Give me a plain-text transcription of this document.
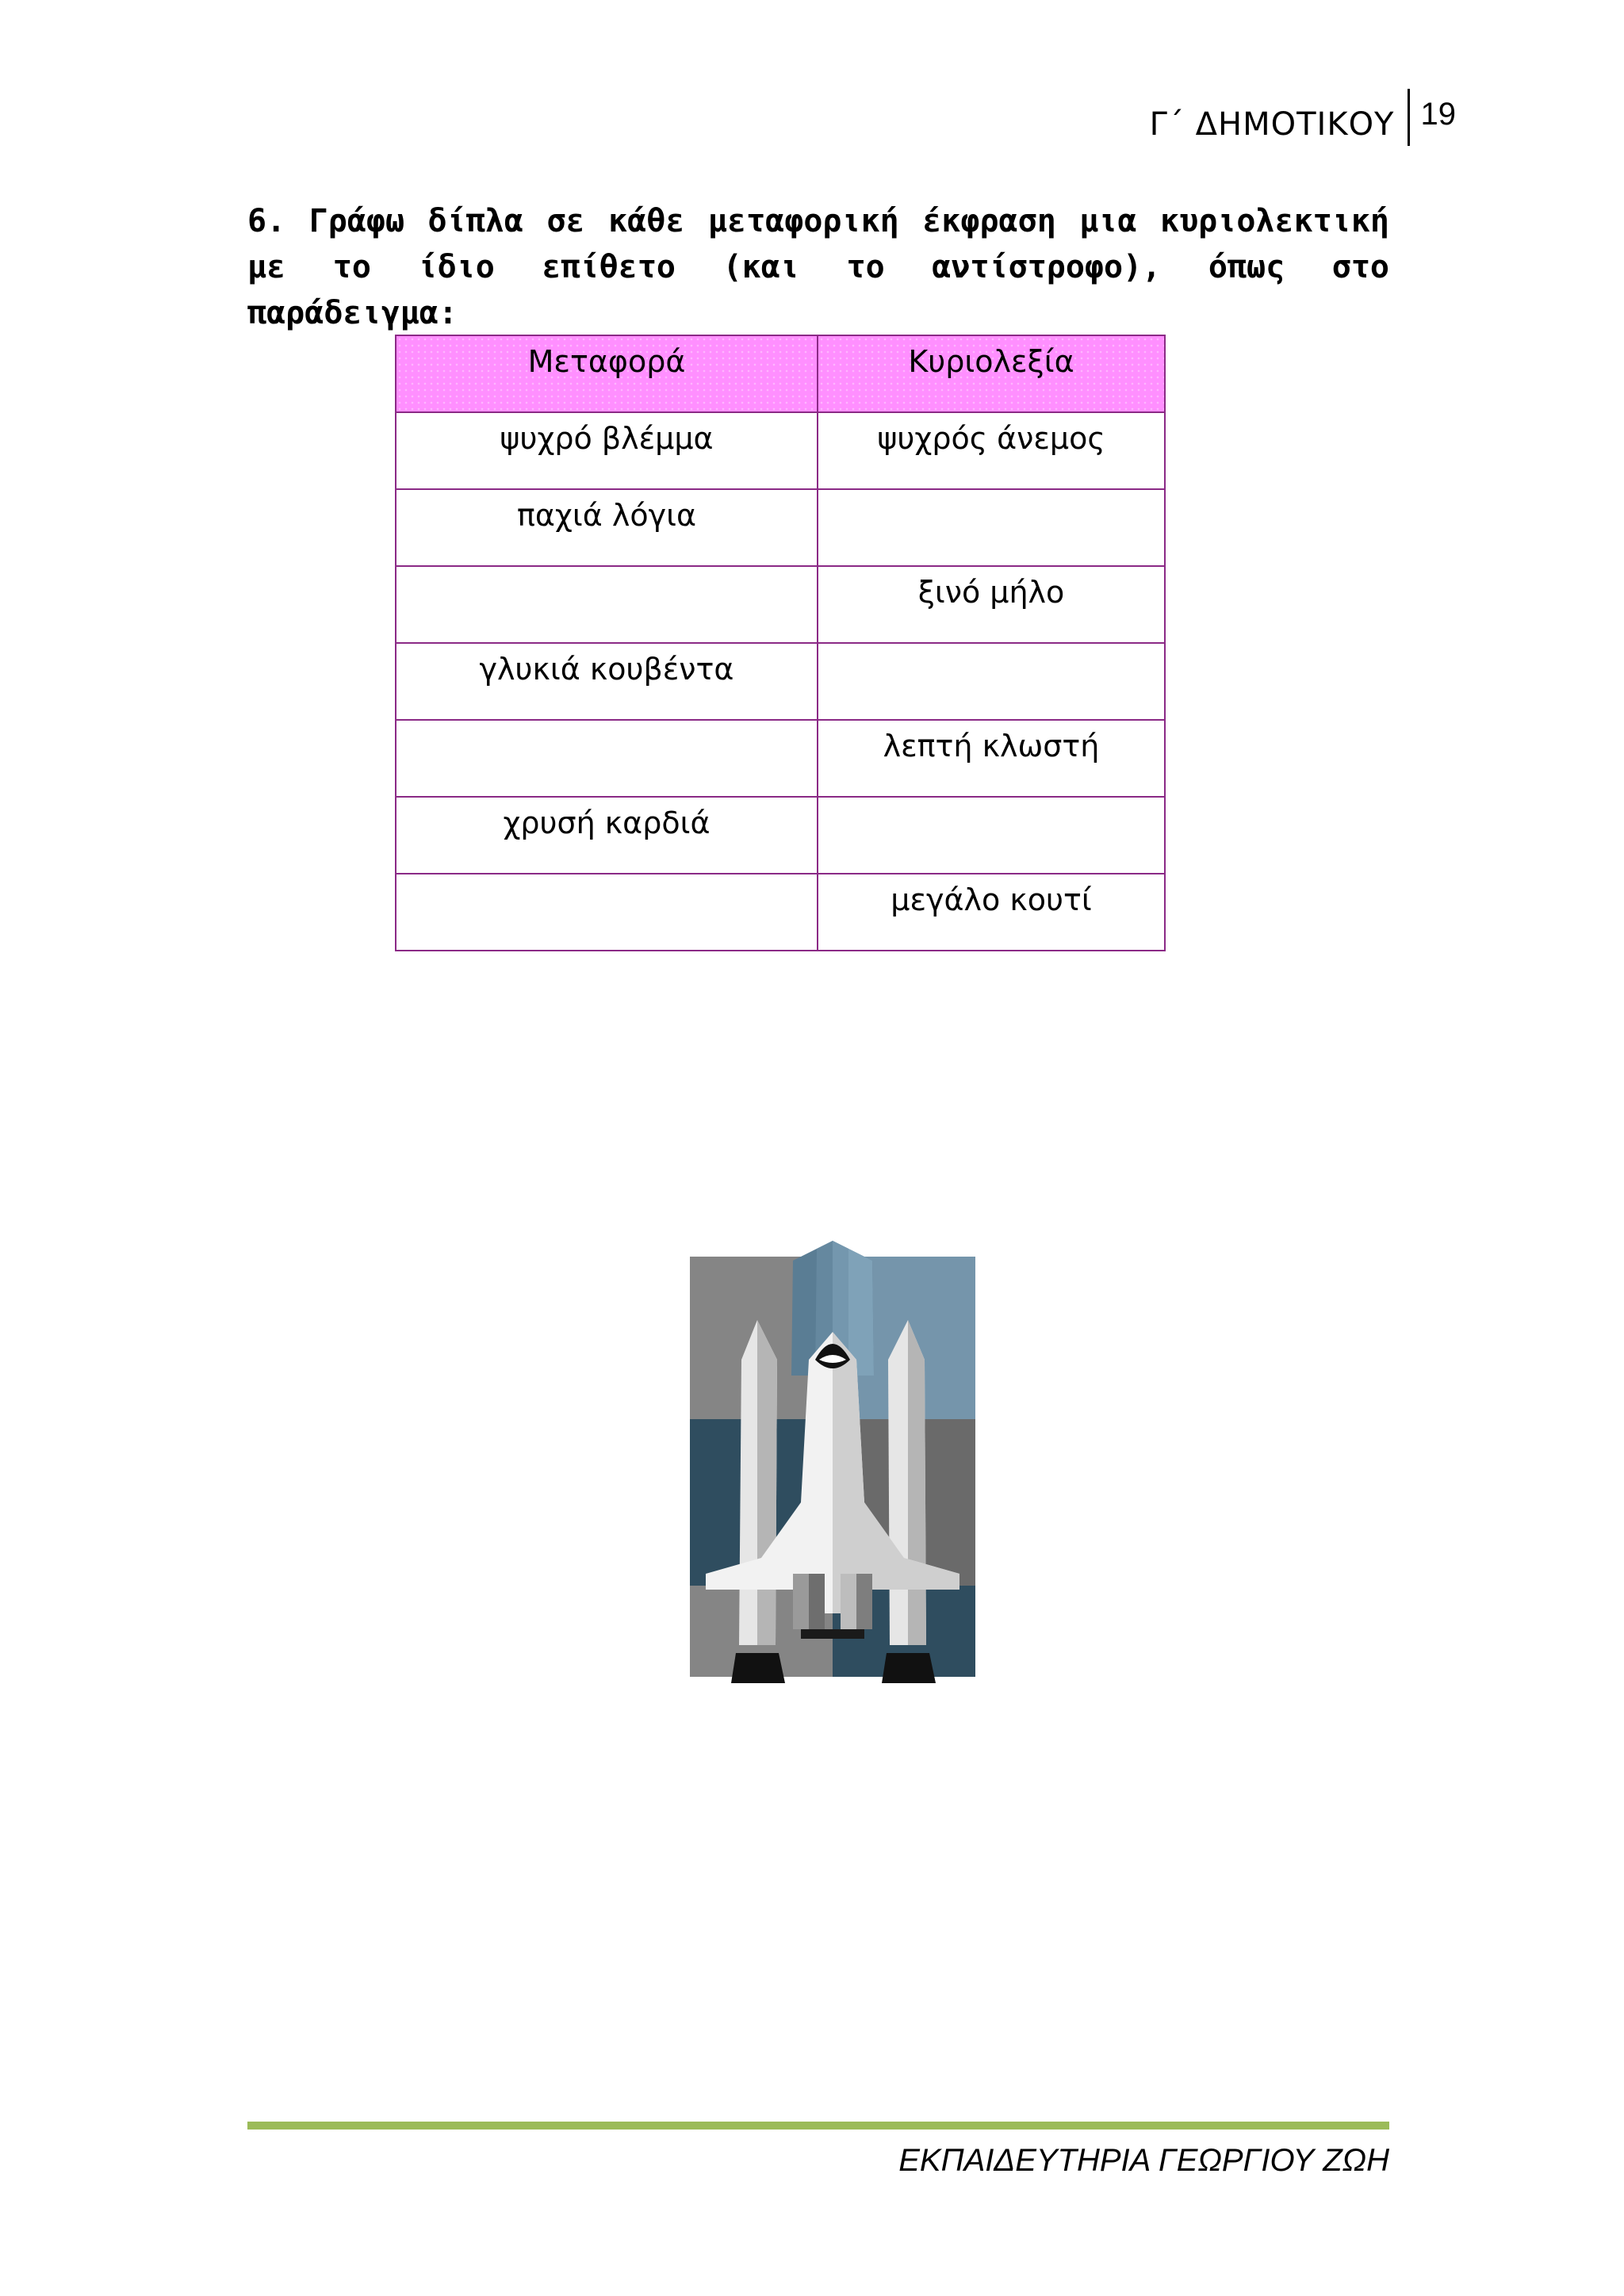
Γ΄ ΔΗΜΟΤΙΚΟΥ 19
6. Γράφω δίπλα σε κάθε μεταφορική έκφραση μια κυριολεκτική με το ίδιο επίθετο (και το αντίστροφο), όπως στο παράδειγμα:
Μεταφορά	Κυριολεξία
ψυχρό βλέμμα	ψυχρός άνεμος
παχιά λόγια	
	ξινό μήλο
γλυκιά κουβέντα	
	λεπτή κλωστή
χρυσή καρδιά	
	μεγάλο κουτί
ΕΚΠΑΙΔΕΥΤΗΡΙΑ ΓΕΩΡΓΙΟΥ ΖΩΗ
